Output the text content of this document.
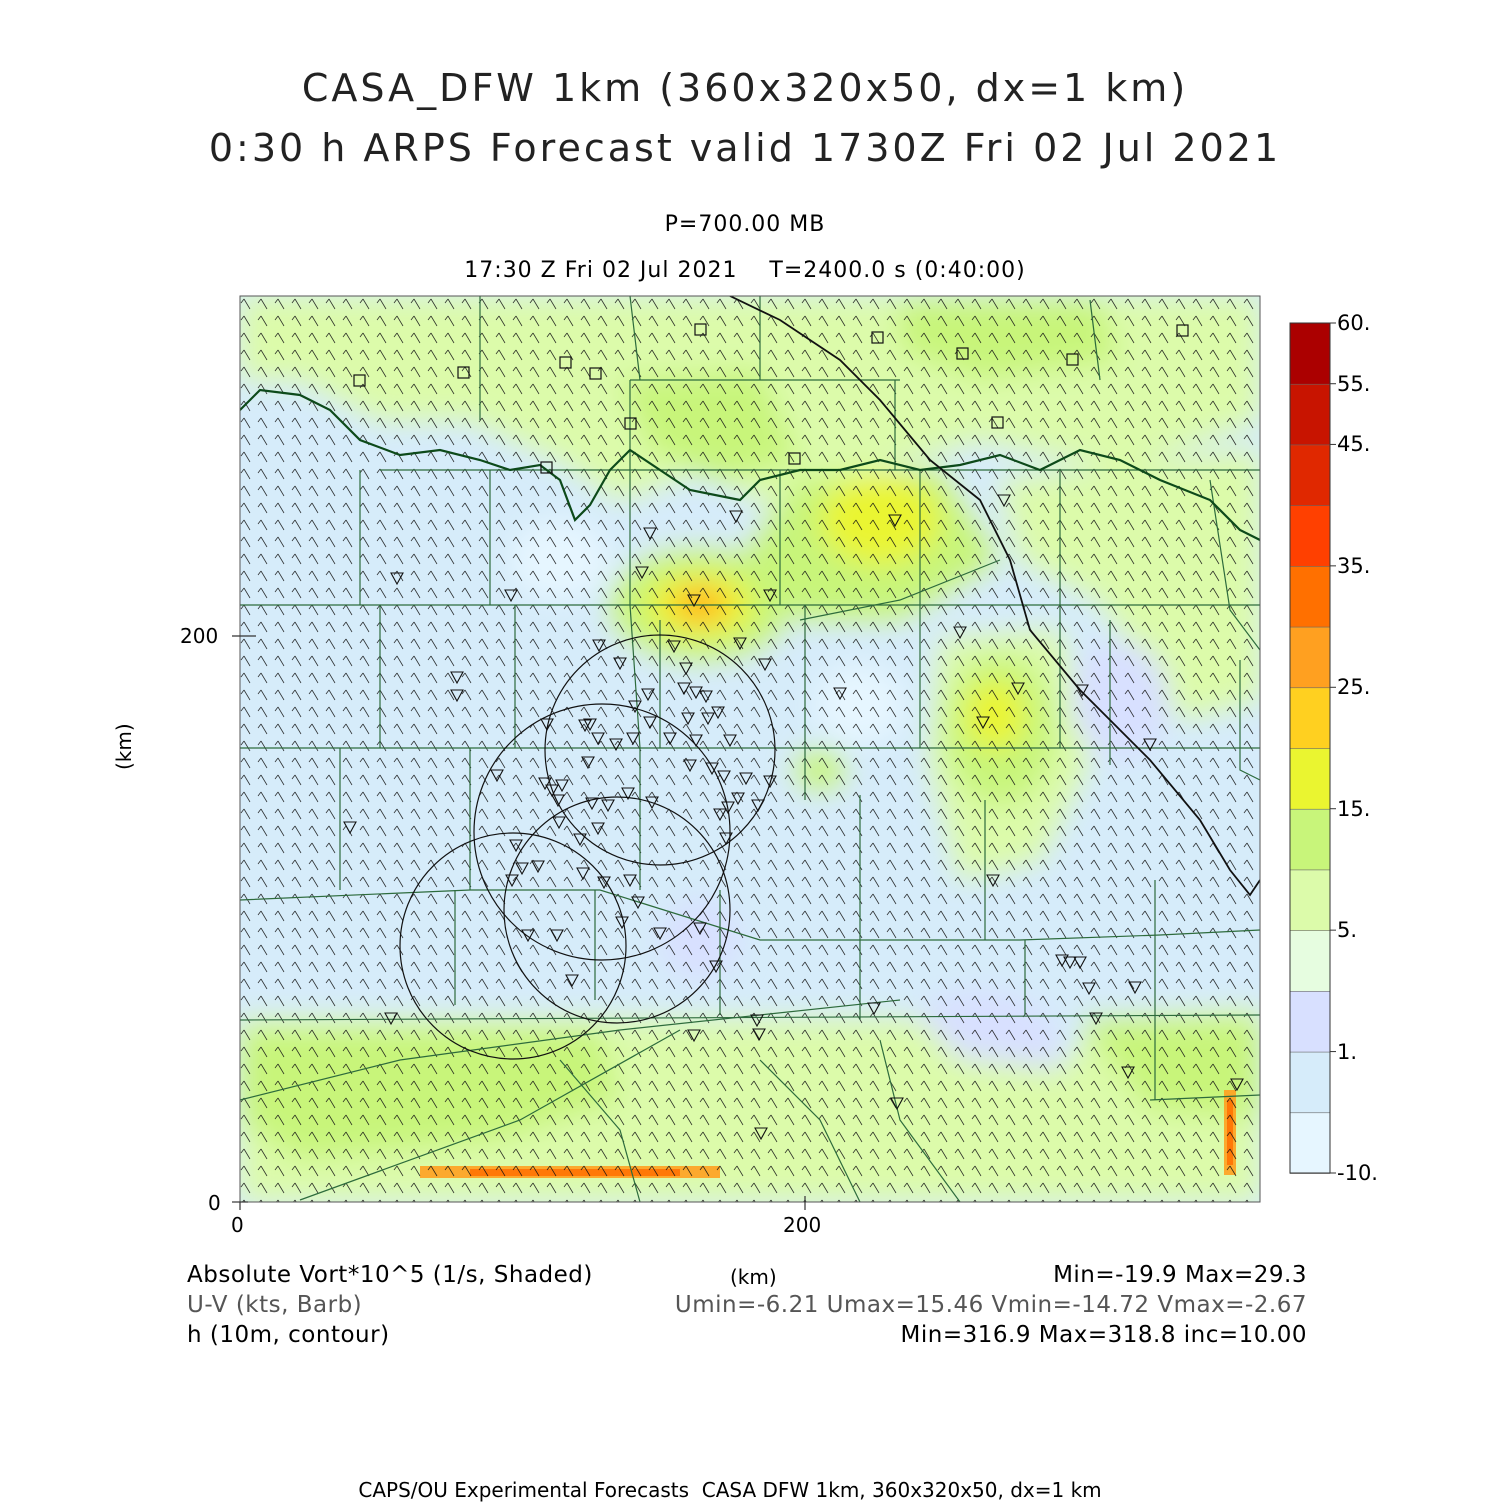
CASA_DFW 1km (360x320x50, dx=1 km)
0:30 h ARPS Forecast valid 1730Z Fri 02 Jul 2021
P=700.00 MB
17:30 Z Fri 02 Jul 2021    T=2400.0 s (0:40:00)
(km)
200
0
0	200
60.
55.
45.
35.
25.
15.
5.
1.
-10.
Absolute Vort*10^5 (1/s, Shaded)	(km)	Min=-19.9 Max=29.3
U-V (kts, Barb)	Umin=-6.21 Umax=15.46 Vmin=-14.72 Vmax=-2.67
h (10m, contour)	Min=316.9 Max=318.8 inc=10.00
CAPS/OU Experimental Forecasts  CASA DFW 1km, 360x320x50, dx=1 km
